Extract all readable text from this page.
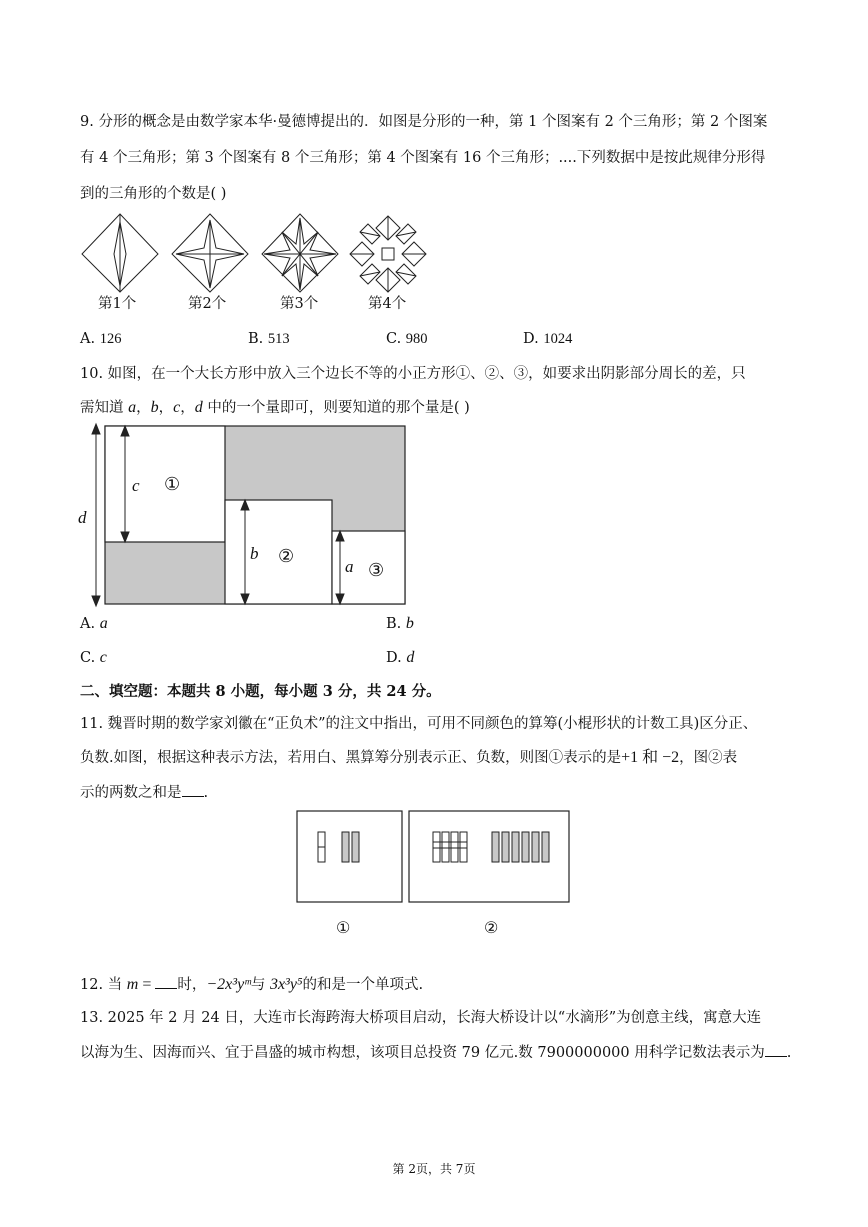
9. 分形的概念是由数学家本华·曼德博提出的．如图是分形的一种，第 1 个图案有 2 个三角形；第 2 个图案
有 4 个三角形；第 3 个图案有 8 个三角形；第 4 个图案有 16 个三角形；....下列数据中是按此规律分形得
到的三角形的个数是( )
第1个	第2个	第3个	第4个
A. 126	B. 513	C. 980	D. 1024
10. 如图，在一个大长方形中放入三个边长不等的小正方形①、②、③，如要求出阴影部分周长的差，只
需知道 a，b，c，d 中的一个量即可，则要知道的那个量是( )
d
c ①
b ②	a ③
A. a	B. b
C. c	D. d
二、填空题：本题共 8 小题，每小题 3 分，共 24 分。
11. 魏晋时期的数学家刘徽在“正负术”的注文中指出，可用不同颜色的算筹(小棍形状的计数工具)区分正、
负数.如图，根据这种表示方法，若用白、黑算筹分别表示正、负数，则图①表示的是+1 和 −2，图②表
示的两数之和是 .
①	②
12. 当 m = 时，−2x³yᵐ与 3x³y⁵的和是一个单项式.
13. 2025 年 2 月 24 日，大连市长海跨海大桥项目启动，长海大桥设计以“水滴形”为创意主线，寓意大连
以海为生、因海而兴、宜于昌盛的城市构想，该项目总投资 79 亿元.数 7900000000 用科学记数法表示为 .
第 2页，共 7页
